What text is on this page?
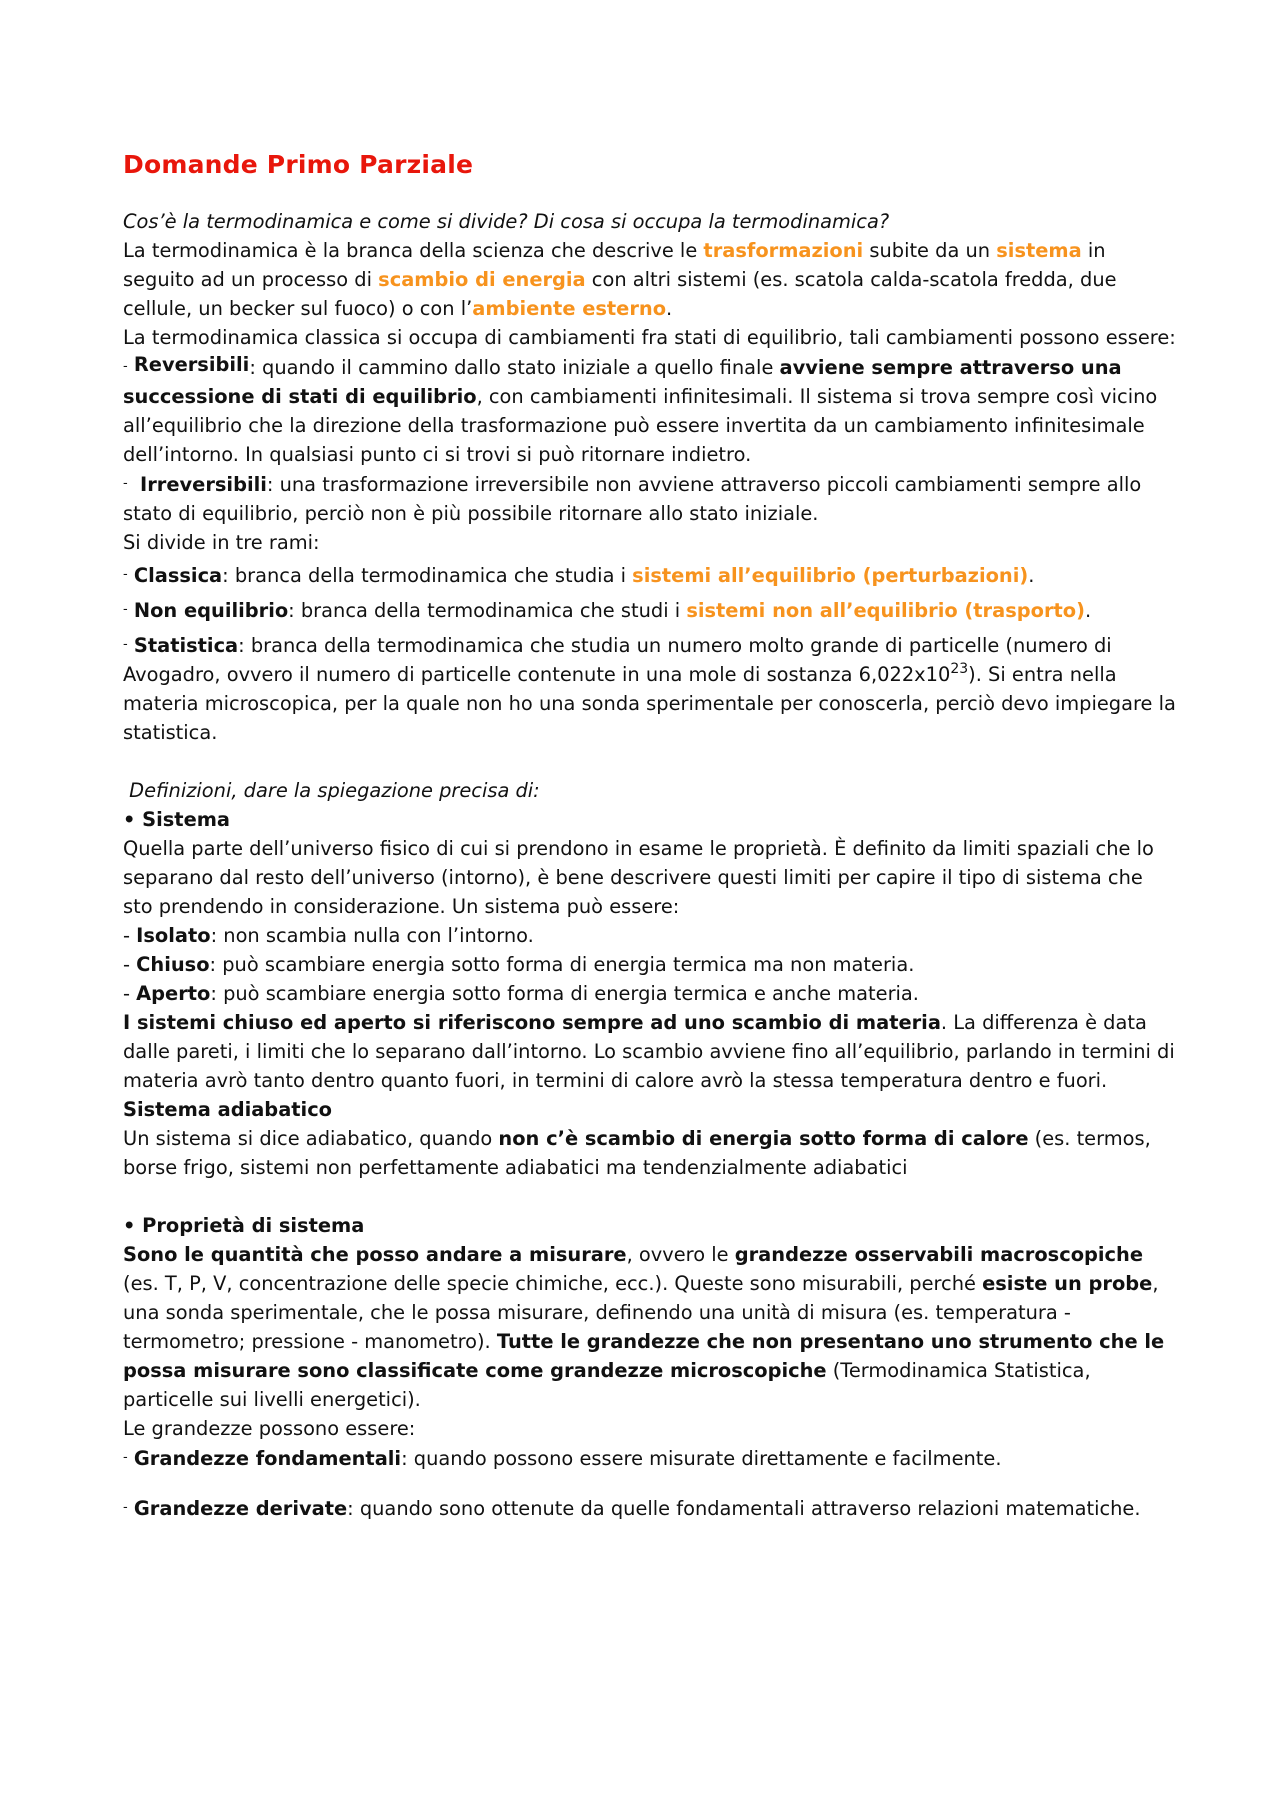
Domande Primo Parziale

Cos’è la termodinamica e come si divide? Di cosa si occupa la termodinamica?

La termodinamica è la branca della scienza che descrive le trasformazioni subite da un sistema in seguito ad un processo di scambio di energia con altri sistemi (es. scatola calda-scatola fredda, due cellule, un becker sul fuoco) o con l’ambiente esterno.

La termodinamica classica si occupa di cambiamenti fra stati di equilibrio, tali cambiamenti possono essere: - Reversibili: quando il cammino dallo stato iniziale a quello finale avviene sempre attraverso una successione di stati di equilibrio, con cambiamenti infinitesimali. Il sistema si trova sempre così vicino all’equilibrio che la direzione della trasformazione può essere invertita da un cambiamento infinitesimale dell’intorno. In qualsiasi punto ci si trovi si può ritornare indietro.

- Irreversibili: una trasformazione irreversibile non avviene attraverso piccoli cambiamenti sempre allo stato di equilibrio, perciò non è più possibile ritornare allo stato iniziale.

Si divide in tre rami:

- Classica: branca della termodinamica che studia i sistemi all’equilibrio (perturbazioni).

- Non equilibrio: branca della termodinamica che studi i sistemi non all’equilibrio (trasporto).

- Statistica: branca della termodinamica che studia un numero molto grande di particelle (numero di Avogadro, ovvero il numero di particelle contenute in una mole di sostanza $6,022x10^{23}$). Si entra nella materia microscopica, per la quale non ho una sonda sperimentale per conoscerla, perciò devo impiegare la statistica.

Definizioni, dare la spiegazione precisa di:

• Sistema

Quella parte dell’universo fisico di cui si prendono in esame le proprietà. È definito da limiti spaziali che lo separano dal resto dell’universo (intorno), è bene descrivere questi limiti per capire il tipo di sistema che sto prendendo in considerazione. Un sistema può essere:

- Isolato: non scambia nulla con l’intorno.

- Chiuso: può scambiare energia sotto forma di energia termica ma non materia.

- Aperto: può scambiare energia sotto forma di energia termica e anche materia.

I sistemi chiuso ed aperto si riferiscono sempre ad uno scambio di materia. La differenza è data dalle pareti, i limiti che lo separano dall’intorno. Lo scambio avviene fino all’equilibrio, parlando in termini di materia avrò tanto dentro quanto fuori, in termini di calore avrò la stessa temperatura dentro e fuori. Sistema adiabatico

Un sistema si dice adiabatico, quando non c’è scambio di energia sotto forma di calore (es. termos, borse frigo, sistemi non perfettamente adiabatici ma tendenzialmente adiabatici

• Proprietà di sistema

Sono le quantità che posso andare a misurare, ovvero le grandezze osservabili macroscopiche (es. T, P, V, concentrazione delle specie chimiche, ecc.). Queste sono misurabili, perché esiste un probe, una sonda sperimentale, che le possa misurare, definendo una unità di misura (es. temperatura - termometro; pressione - manometro). Tutte le grandezze che non presentano uno strumento che le possa misurare sono classificate come grandezze microscopiche (Termodinamica Statistica, particelle sui livelli energetici).

Le grandezze possono essere:

- Grandezze fondamentali: quando possono essere misurate direttamente e facilmente.

- Grandezze derivate: quando sono ottenute da quelle fondamentali attraverso relazioni matematiche.
